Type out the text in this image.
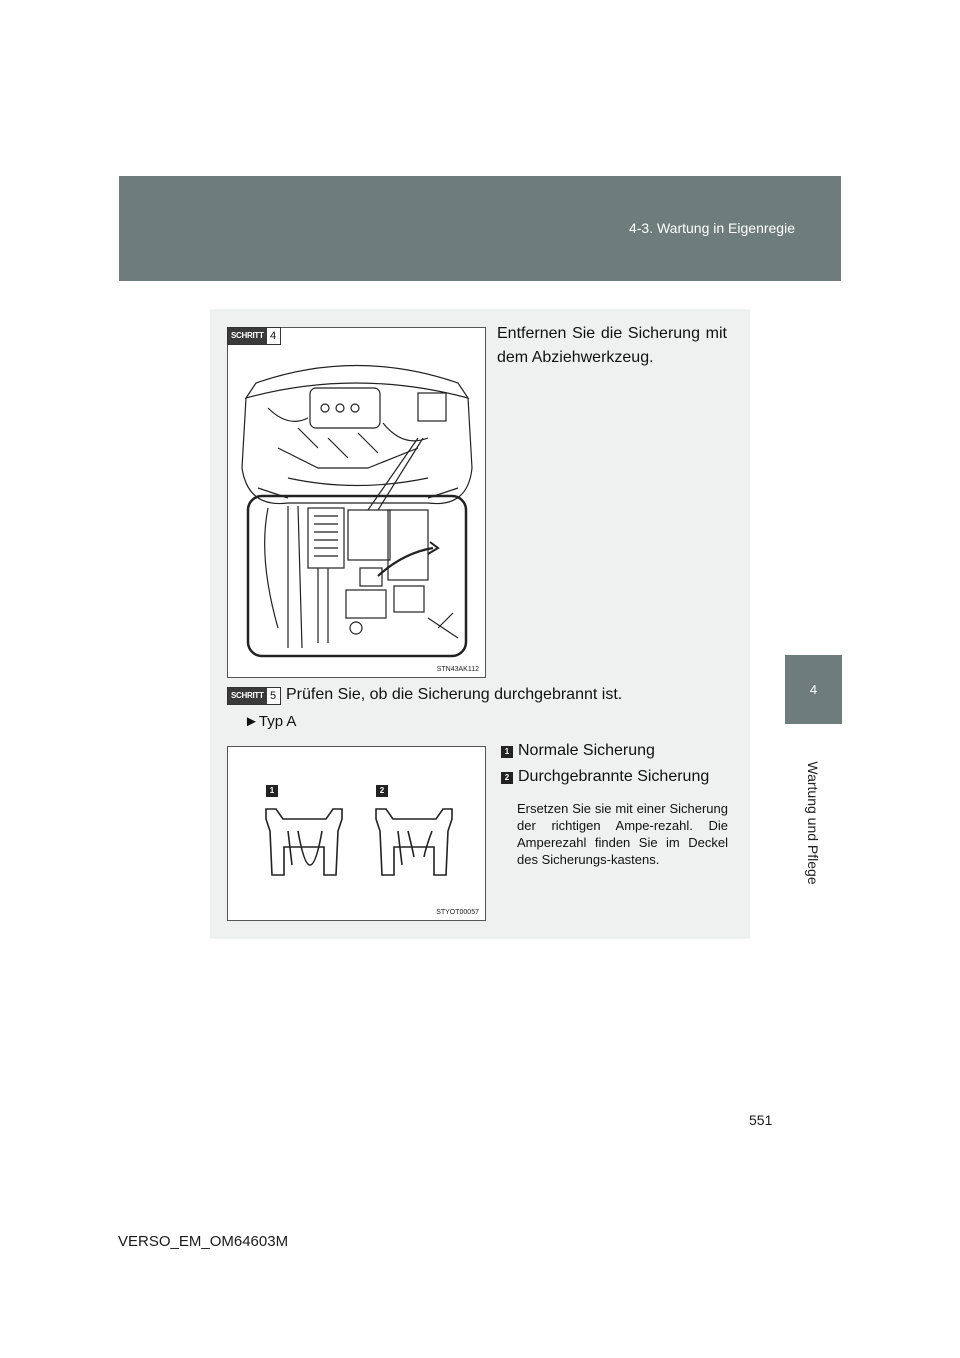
4-3. Wartung in Eigenregie
4
Wartung und Pflege
STN43AK112
SCHRITT 4	Entfernen Sie die Sicherung mit dem Abziehwerkzeug.
SCHRITT 5 Prüfen Sie, ob die Sicherung durchgebrannt ist.
►Typ A
1	2
STYOT00057
1 Normale Sicherung
2 Durchgebrannte Sicherung
Ersetzen Sie sie mit einer Sicherung der richtigen Ampe-rezahl. Die Amperezahl finden Sie im Deckel des Sicherungs-kastens.
551
VERSO_EM_OM64603M
